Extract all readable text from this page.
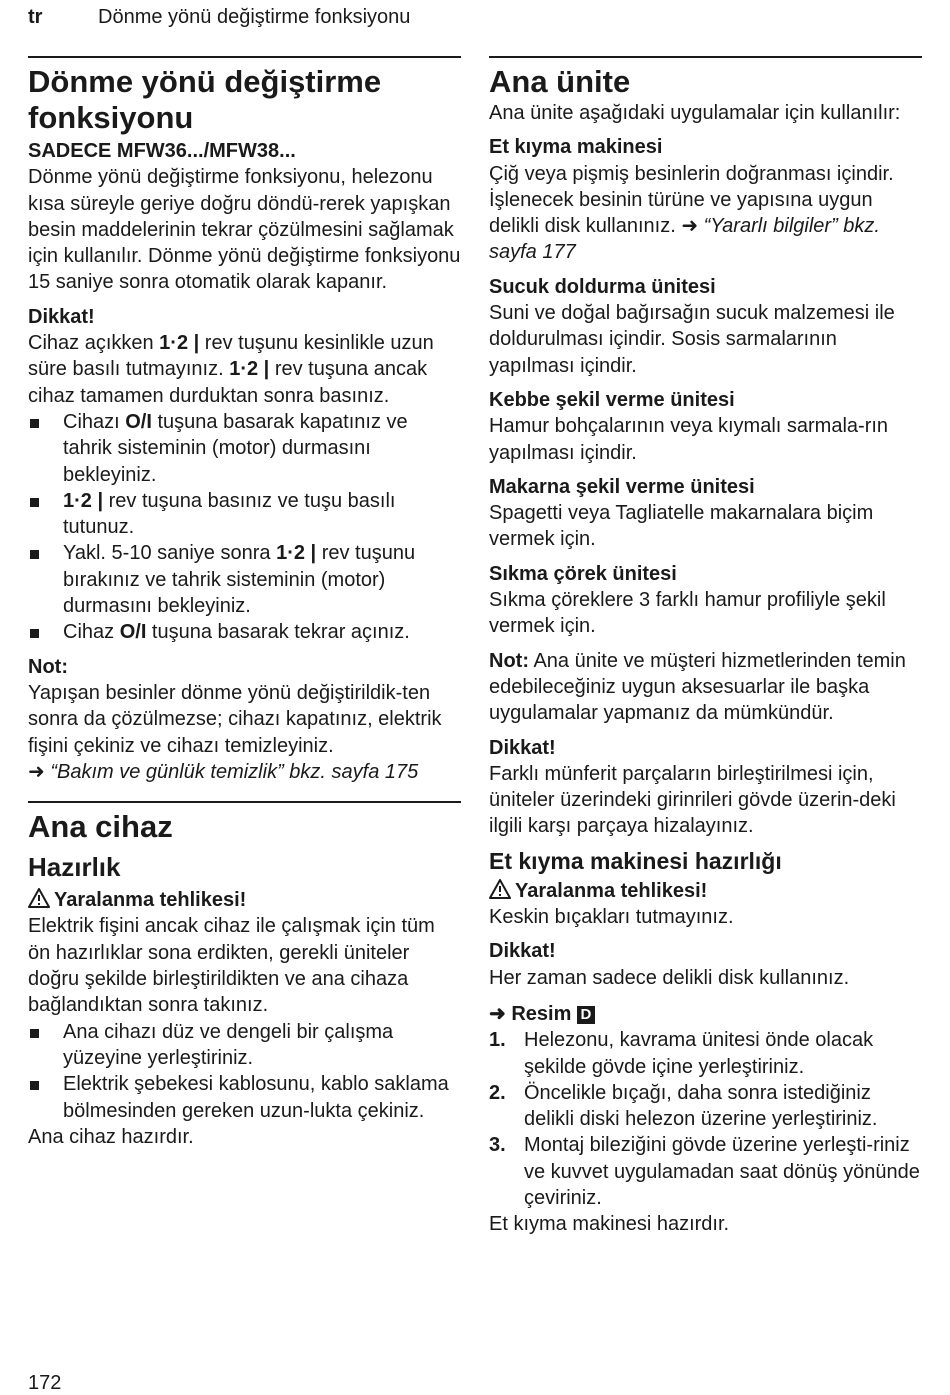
tr	Dönme yönü değiştirme fonksiyonu
Dönme yönü değiştirme fonksiyonu

SADECE MFW36.../MFW38...

Dönme yönü değiştirme fonksiyonu, helezonu kısa süreyle geriye doğru döndü-rerek yapışkan besin maddelerinin tekrar çözülmesini sağlamak için kullanılır. Dönme yönü değiştirme fonksiyonu 15 saniye sonra otomatik olarak kapanır.

Dikkat!

Cihaz açıkken 1·2 | rev tuşunu kesinlikle uzun süre basılı tutmayınız. 1·2 | rev tuşuna ancak cihaz tamamen durduktan sonra basınız.

Cihazı O/I tuşuna basarak kapatınız ve tahrik sisteminin (motor) durmasını bekleyiniz.
1·2 | rev tuşuna basınız ve tuşu basılı tutunuz.
Yakl. 5-10 saniye sonra 1·2 | rev tuşunu bırakınız ve tahrik sisteminin (motor) durmasını bekleyiniz.
Cihaz O/I tuşuna basarak tekrar açınız.

Not:

Yapışan besinler dönme yönü değiştirildik-ten sonra da çözülmezse; cihazı kapatınız, elektrik fişini çekiniz ve cihazı temizleyiniz.

➜ “Bakım ve günlük temizlik” bkz. sayfa 175

Ana cihaz
Hazırlık

Yaralanma tehlikesi!

Elektrik fişini ancak cihaz ile çalışmak için tüm ön hazırlıklar sona erdikten, gerekli üniteler doğru şekilde birleştirildikten ve ana cihaza bağlandıktan sonra takınız.

Ana cihazı düz ve dengeli bir çalışma yüzeyine yerleştiriniz.
Elektrik şebekesi kablosunu, kablo saklama bölmesinden gereken uzun-lukta çekiniz.

Ana cihaz hazırdır.

Ana ünite

Ana ünite aşağıdaki uygulamalar için kullanılır:

Et kıyma makinesi

Çiğ veya pişmiş besinlerin doğranması içindir. İşlenecek besinin türüne ve yapısına uygun delikli disk kullanınız. ➜ “Yararlı bilgiler” bkz. sayfa 177

Sucuk doldurma ünitesi

Suni ve doğal bağırsağın sucuk malzemesi ile doldurulması içindir. Sosis sarmalarının yapılması içindir.

Kebbe şekil verme ünitesi

Hamur bohçalarının veya kıymalı sarmala-rın yapılması içindir.

Makarna şekil verme ünitesi

Spagetti veya Tagliatelle makarnalara biçim vermek için.

Sıkma çörek ünitesi

Sıkma çöreklere 3 farklı hamur profiliyle şekil vermek için.

Not: Ana ünite ve müşteri hizmetlerinden temin edebileceğiniz uygun aksesuarlar ile başka uygulamalar yapmanız da mümkündür.

Dikkat!

Farklı münferit parçaların birleştirilmesi için, üniteler üzerindeki girinrileri gövde üzerin-deki ilgili karşı parçaya hizalayınız.

Et kıyma makinesi hazırlığı

Yaralanma tehlikesi!

Keskin bıçakları tutmayınız.

Dikkat!

Her zaman sadece delikli disk kullanınız.

➜ Resim D

1. Helezonu, kavrama ünitesi önde olacak şekilde gövde içine yerleştiriniz.
2. Öncelikle bıçağı, daha sonra istediğiniz delikli diski helezon üzerine yerleştiriniz.
3. Montaj bileziğini gövde üzerine yerleşti-riniz ve kuvvet uygulamadan saat dönüş yönünde çeviriniz.

Et kıyma makinesi hazırdır.

172
